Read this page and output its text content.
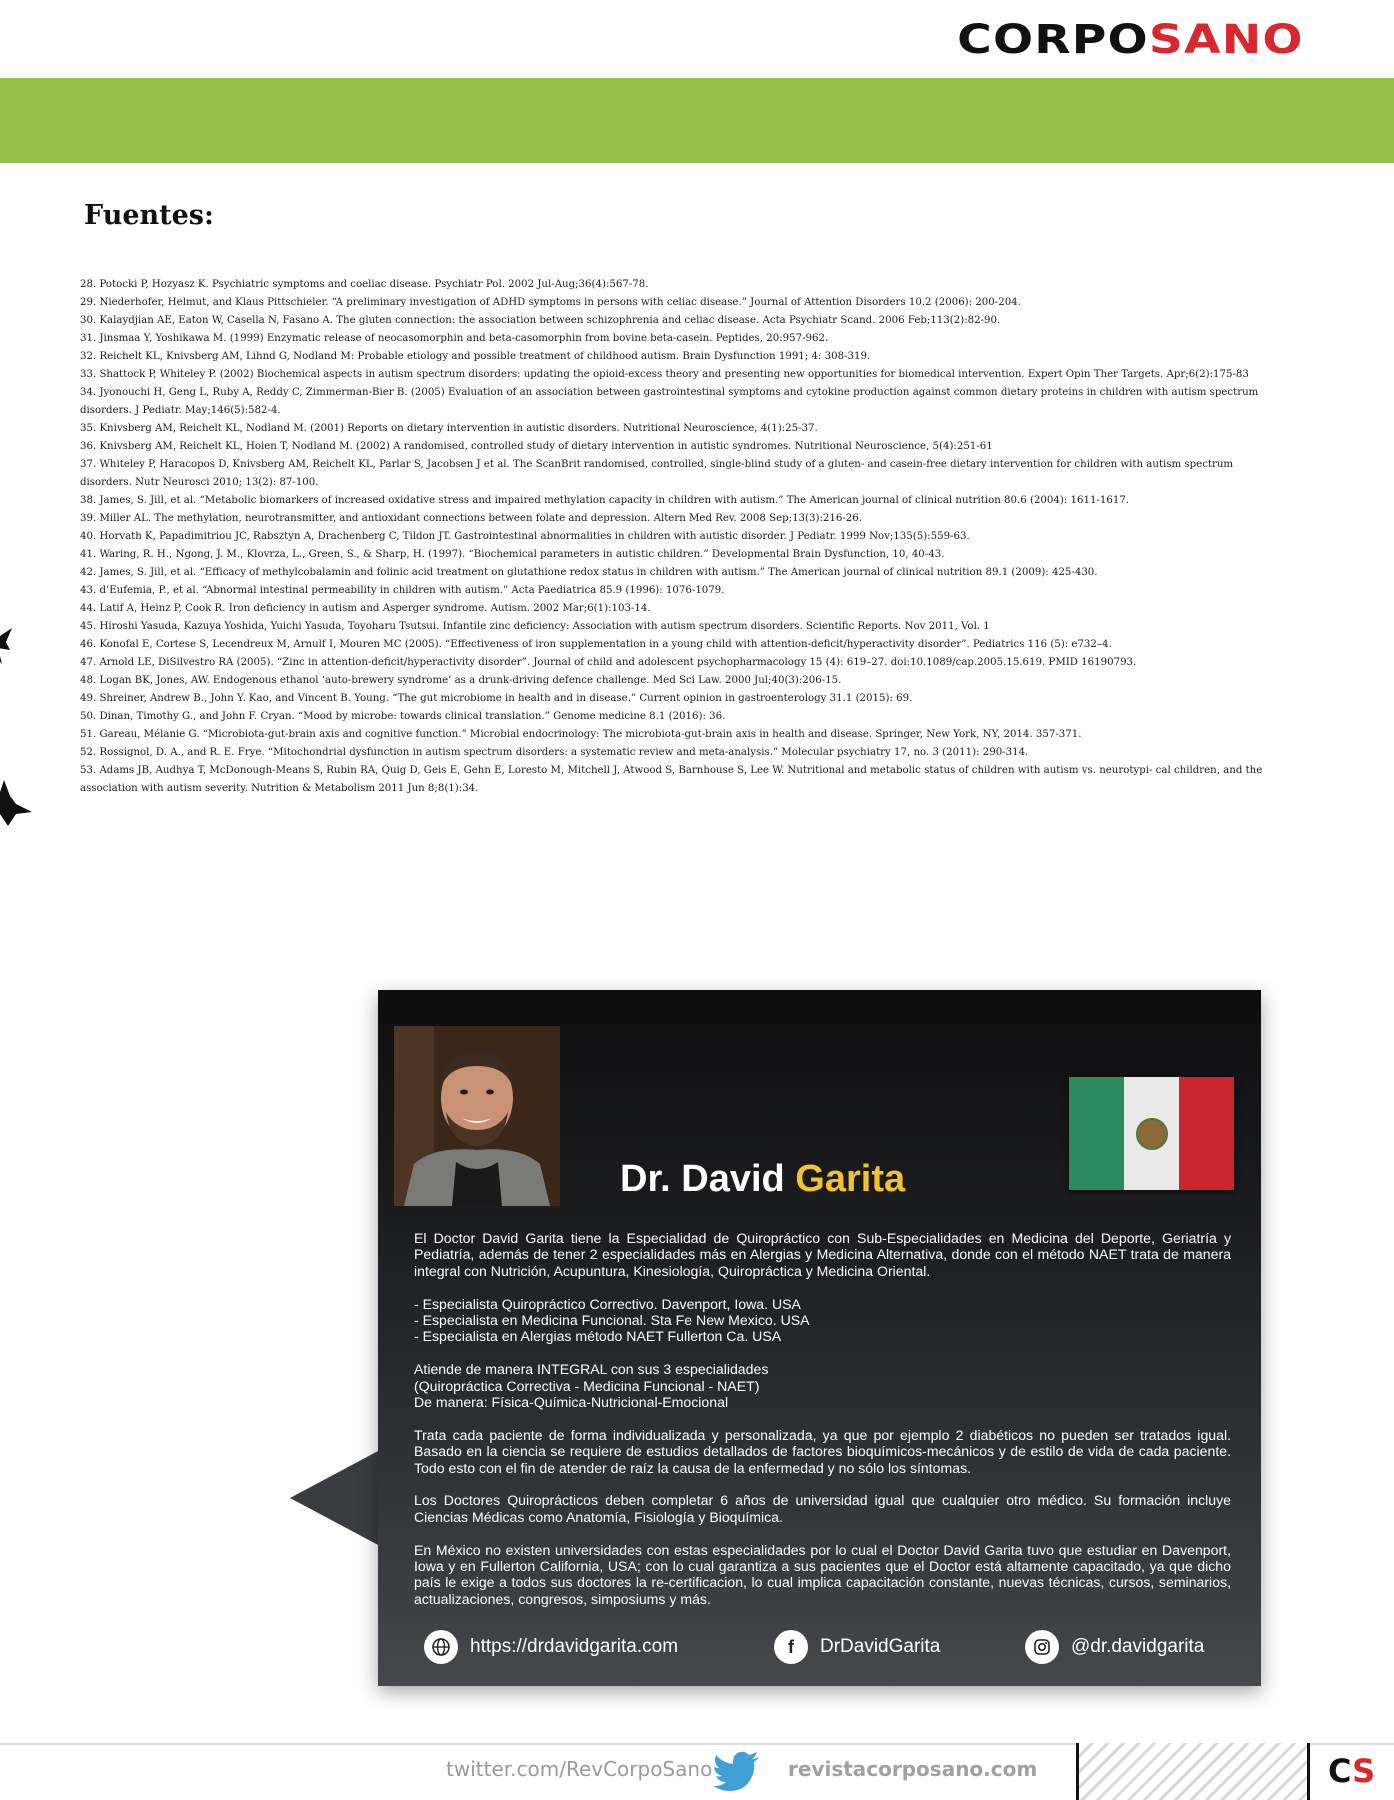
CORPOSANO
Fuentes:
28. Potocki P, Hozyasz K. Psychiatric symptoms and coeliac disease. Psychiatr Pol. 2002 Jul-Aug;36(4):567-78.
29. Niederhofer, Helmut, and Klaus Pittschieler. “A preliminary investigation of ADHD symptoms in persons with celiac disease.” Journal of Attention Disorders 10.2 (2006): 200-204.
30. Kalaydjian AE, Eaton W, Casella N, Fasano A. The gluten connection: the association between schizophrenia and celiac disease. Acta Psychiatr Scand. 2006 Feb;113(2):82-90.
31. Jinsmaa Y, Yoshikawa M. (1999) Enzymatic release of neocasomorphin and beta-casomorphin from bovine beta-casein. Peptides, 20:957-962.
32. Reichelt KL, Knivsberg AM, Lihnd G, Nodland M: Probable etiology and possible treatment of childhood autism. Brain Dysfunction 1991; 4: 308-319.
33. Shattock P, Whiteley P. (2002) Biochemical aspects in autism spectrum disorders: updating the opioid-excess theory and presenting new opportunities for biomedical intervention. Expert Opin Ther Targets. Apr;6(2):175-83
34. Jyonouchi H, Geng L, Ruby A, Reddy C, Zimmerman-Bier B. (2005) Evaluation of an association between gastrointestinal symptoms and cytokine production against common dietary proteins in children with autism spectrum disorders. J Pediatr. May;146(5):582-4.
35. Knivsberg AM, Reichelt KL, Nodland M. (2001) Reports on dietary intervention in autistic disorders. Nutritional Neuroscience, 4(1):25-37.
36. Knivsberg AM, Reichelt KL, Hoien T, Nodland M. (2002) A randomised, controlled study of dietary intervention in autistic syndromes. Nutritional Neuroscience, 5(4):251-61
37. Whiteley P, Haracopos D, Knivsberg AM, Reichelt KL, Parlar S, Jacobsen J et al. The ScanBrit randomised, controlled, single-blind study of a gluten- and casein-free dietary intervention for children with autism spectrum disorders. Nutr Neurosci 2010; 13(2): 87-100.
38. James, S. Jill, et al. “Metabolic biomarkers of increased oxidative stress and impaired methylation capacity in children with autism.” The American journal of clinical nutrition 80.6 (2004): 1611-1617.
39. Miller AL. The methylation, neurotransmitter, and antioxidant connections between folate and depression. Altern Med Rev. 2008 Sep;13(3):216-26.
40. Horvath K, Papadimitriou JC, Rabsztyn A, Drachenberg C, Tildon JT. Gastrointestinal abnormalities in children with autistic disorder. J Pediatr. 1999 Nov;135(5):559-63.
41. Waring, R. H., Ngong, J. M., Klovrza, L., Green, S., & Sharp, H. (1997). “Biochemical parameters in autistic children.” Developmental Brain Dysfunction, 10, 40-43.
42. James, S. Jill, et al. “Efficacy of methylcobalamin and folinic acid treatment on glutathione redox status in children with autism.” The American journal of clinical nutrition 89.1 (2009): 425-430.
43. d’Eufemia, P., et al. “Abnormal intestinal permeability in children with autism.” Acta Paediatrica 85.9 (1996): 1076-1079.
44. Latif A, Heinz P, Cook R. Iron deficiency in autism and Asperger syndrome. Autism. 2002 Mar;6(1):103-14.
45. Hiroshi Yasuda, Kazuya Yoshida, Yuichi Yasuda, Toyoharu Tsutsui. Infantile zinc deficiency: Association with autism spectrum disorders. Scientific Reports. Nov 2011, Vol. 1
46. Konofal E, Cortese S, Lecendreux M, Arnulf I, Mouren MC (2005). “Effectiveness of iron supplementation in a young child with attention-deficit/hyperactivity disorder”. Pediatrics 116 (5): e732–4.
47. Arnold LE, DiSilvestro RA (2005). “Zinc in attention-deficit/hyperactivity disorder”. Journal of child and adolescent psychopharmacology 15 (4): 619–27. doi:10.1089/cap.2005.15.619. PMID 16190793.
48. Logan BK, Jones, AW. Endogenous ethanol ‘auto-brewery syndrome’ as a drunk-driving defence challenge. Med Sci Law. 2000 Jul;40(3):206-15.
49. Shreiner, Andrew B., John Y. Kao, and Vincent B. Young. “The gut microbiome in health and in disease.” Current opinion in gastroenterology 31.1 (2015): 69.
50. Dinan, Timothy G., and John F. Cryan. “Mood by microbe: towards clinical translation.” Genome medicine 8.1 (2016): 36.
51. Gareau, Mélanie G. “Microbiota-gut-brain axis and cognitive function.” Microbial endocrinology: The microbiota-gut-brain axis in health and disease. Springer, New York, NY, 2014. 357-371.
52. Rossignol, D. A., and R. E. Frye. “Mitochondrial dysfunction in autism spectrum disorders: a systematic review and meta-analysis.” Molecular psychiatry 17, no. 3 (2011): 290-314.
53. Adams JB, Audhya T, McDonough-Means S, Rubin RA, Quig D, Geis E, Gehn E, Loresto M, Mitchell J, Atwood S, Barnhouse S, Lee W. Nutritional and metabolic status of children with autism vs. neurotypi- cal children, and the association with autism severity. Nutrition & Metabolism 2011 Jun 8;8(1):34.
Dr. David Garita

El Doctor David Garita tiene la Especialidad de Quiropráctico con Sub-Especialidades en Medicina del Deporte, Geriatría y Pediatría, además de tener 2 especialidades más en Alergias y Medicina Alternativa, donde con el método NAET trata de manera integral con Nutrición, Acupuntura, Kinesiología, Quiropráctica y Medicina Oriental.

- Especialista Quiropráctico Correctivo. Davenport, Iowa. USA
- Especialista en Medicina Funcional. Sta Fe New Mexico. USA
- Especialista en Alergias método NAET Fullerton Ca. USA

Atiende de manera INTEGRAL con sus 3 especialidades
(Quiropráctica Correctiva - Medicina Funcional - NAET)
De manera: Física-Química-Nutricional-Emocional

Trata cada paciente de forma individualizada y personalizada, ya que por ejemplo 2 diabéticos no pueden ser tratados igual. Basado en la ciencia se requiere de estudios detallados de factores bioquímicos-mecánicos y de estilo de vida de cada paciente. Todo esto con el fin de atender de raíz la causa de la enfermedad y no sólo los síntomas.

Los Doctores Quiroprácticos deben completar 6 años de universidad igual que cualquier otro médico. Su formación incluye Ciencias Médicas como Anatomía, Fisiología y Bioquímica.

En México no existen universidades con estas especialidades por lo cual el Doctor David Garita tuvo que estudiar en Davenport, Iowa y en Fullerton California, USA; con lo cual garantiza a sus pacientes que el Doctor está altamente capacitado, ya que dicho país le exige a todos sus doctores la re-certificacion, lo cual implica capacitación constante, nuevas técnicas, cursos, seminarios, actualizaciones, congresos, simposiums y más.

https://drdavidgarita.com	f	DrDavidGarita	@dr.davidgarita
twitter.com/RevCorpoSano	revistacorposano.com	CS
